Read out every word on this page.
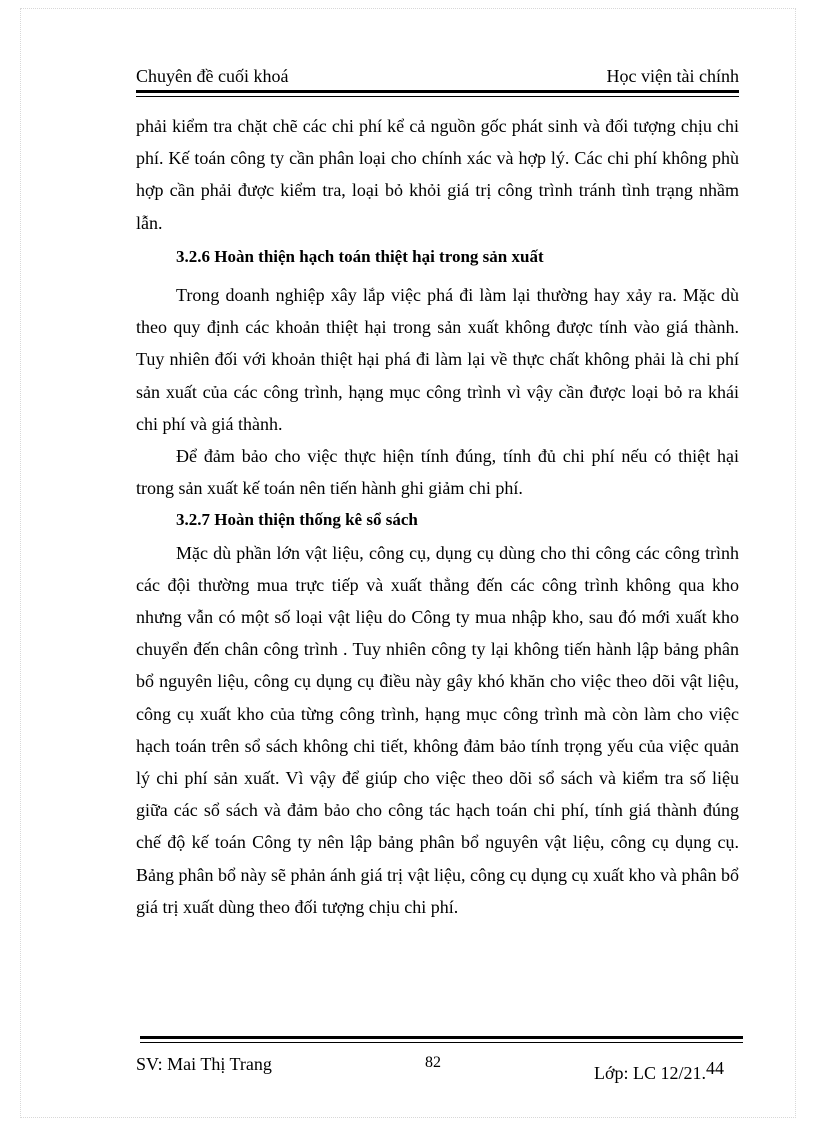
Chuyên đề cuối khoá	Học viện tài chính

phải kiểm tra chặt chẽ các chi phí kể cả nguồn gốc phát sinh và đối tượng chịu chi phí. Kế toán công ty cần phân loại cho chính xác và hợp lý. Các chi phí không phù hợp cần phải được kiểm tra, loại bỏ khỏi giá trị công trình tránh tình trạng nhầm lẫn.

3.2.6 Hoàn thiện hạch toán thiệt hại trong sản xuất

Trong doanh nghiệp xây lắp việc phá đi làm lại thường hay xảy ra. Mặc dù theo quy định các khoản thiệt hại trong sản xuất không được tính vào giá thành. Tuy nhiên đối với khoản thiệt hại phá đi làm lại về thực chất không phải là chi phí sản xuất của các công trình, hạng mục công trình vì vậy cần được loại bỏ ra khái chi phí và giá thành.

Để đảm bảo cho việc thực hiện tính đúng, tính đủ chi phí nếu có thiệt hại trong sản xuất kế toán nên tiến hành ghi giảm chi phí.

3.2.7 Hoàn thiện thống kê sổ sách

Mặc dù phần lớn vật liệu, công cụ, dụng cụ dùng cho thi công các công trình các đội thường mua trực tiếp và xuất thẳng đến các công trình không qua kho nhưng vẫn có một số loại vật liệu do Công ty mua nhập kho, sau đó mới xuất kho chuyển đến chân công trình . Tuy nhiên công ty lại không tiến hành lập bảng phân bổ nguyên liệu, công cụ dụng cụ điều này gây khó khăn cho việc theo dõi vật liệu, công cụ xuất kho của từng công trình, hạng mục công trình mà còn làm cho việc hạch toán trên sổ sách không chi tiết, không đảm bảo tính trọng yếu của việc quản lý chi phí sản xuất. Vì vậy để giúp cho việc theo dõi sổ sách và kiểm tra số liệu giữa các sổ sách và đảm bảo cho công tác hạch toán chi phí, tính giá thành đúng chế độ kế toán Công ty nên lập bảng phân bổ nguyên vật liệu, công cụ dụng cụ. Bảng phân bổ này sẽ phản ánh giá trị vật liệu, công cụ dụng cụ xuất kho và phân bổ giá trị xuất dùng theo đối tượng chịu chi phí.

SV: Mai Thị Trang	82
Lớp: LC 12/21.44
